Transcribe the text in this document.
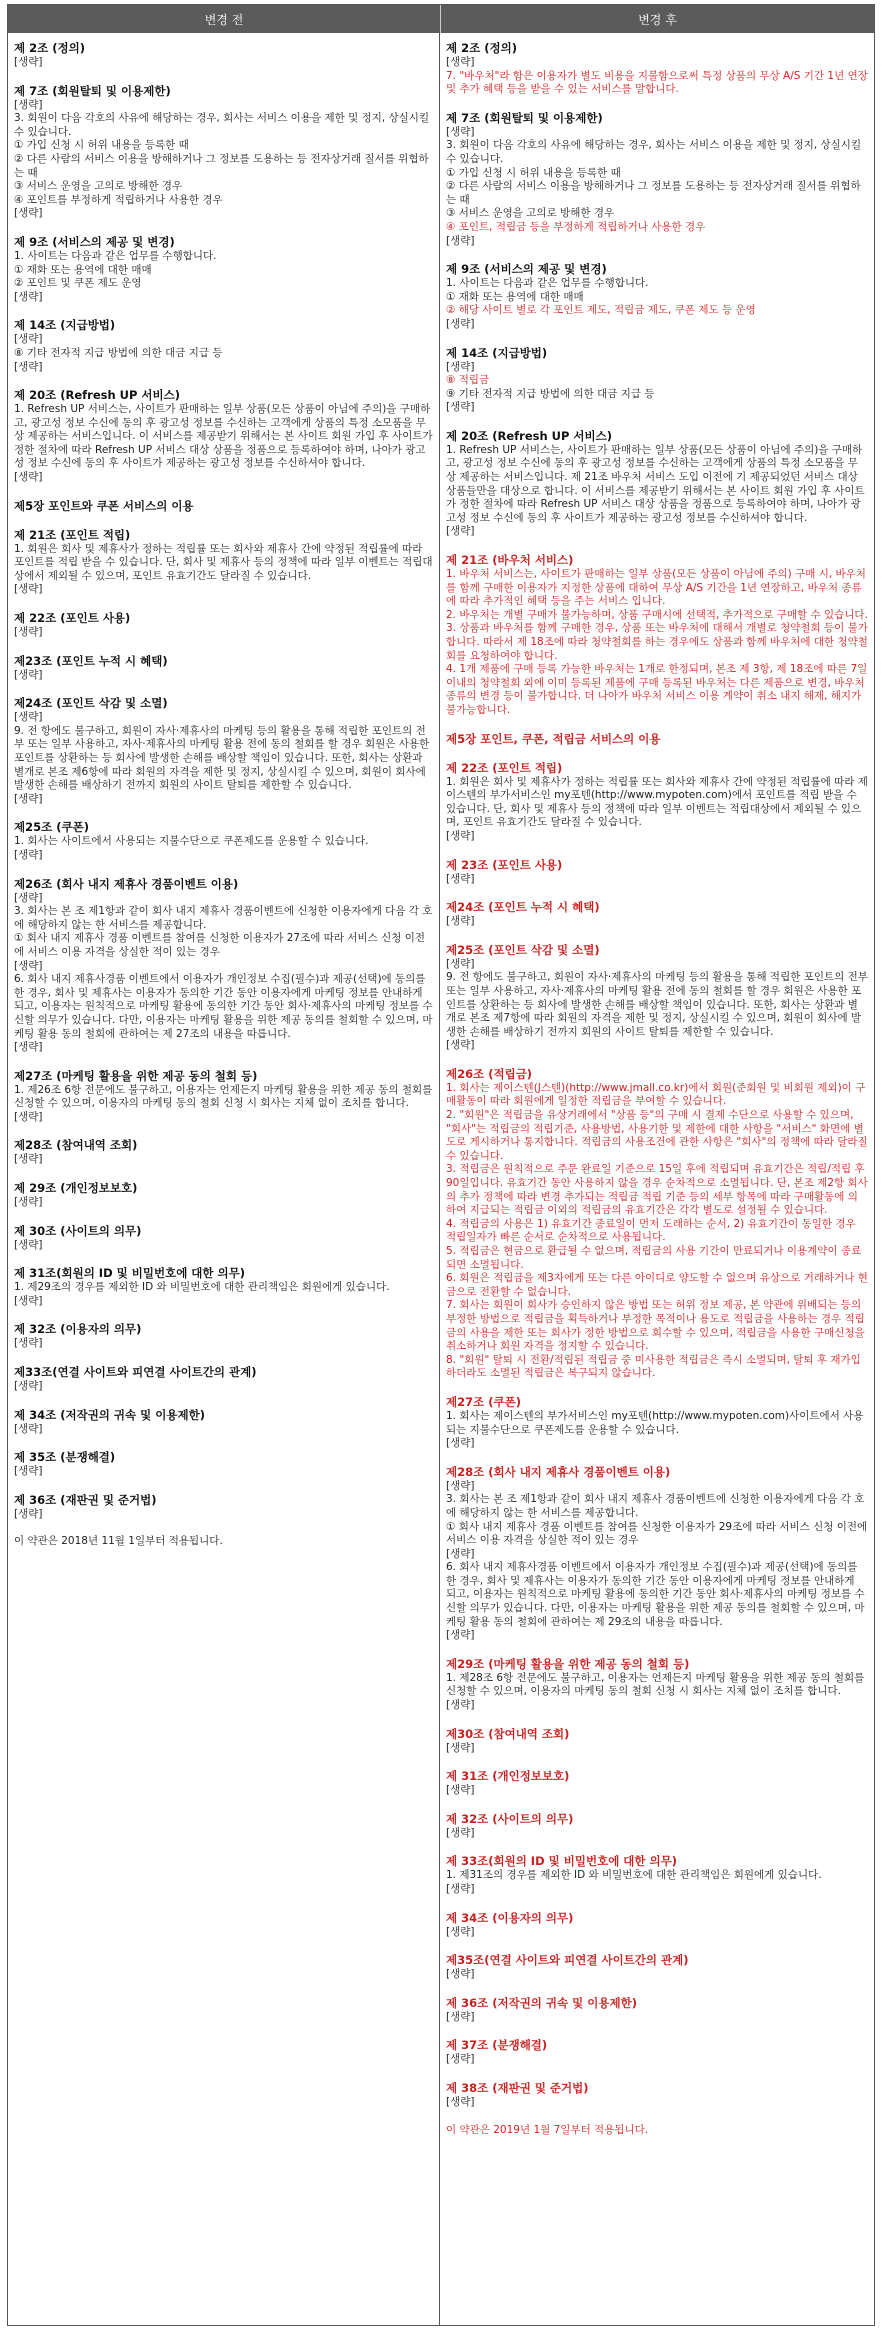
변경 전	변경 후
제 2조 (정의)
[생략]
제 7조 (회원탈퇴 및 이용제한)
[생략]
3. 회원이 다음 각호의 사유에 해당하는 경우, 회사는 서비스 이용을 제한 및 정지, 상실시킬 수 있습니다.
① 가입 신청 시 허위 내용을 등록한 때
② 다른 사람의 서비스 이용을 방해하거나 그 정보를 도용하는 등 전자상거래 질서를 위협하는 때
③ 서비스 운영을 고의로 방해한 경우
④ 포인트를 부정하게 적립하거나 사용한 경우
[생략]
제 9조 (서비스의 제공 및 변경)
1. 사이트는 다음과 같은 업무를 수행합니다.
① 재화 또는 용역에 대한 매매
② 포인트 및 쿠폰 제도 운영
[생략]
제 14조 (지급방법)
[생략]
⑧ 기타 전자적 지급 방법에 의한 대금 지급 등
[생략]
제 20조 (Refresh UP 서비스)
1. Refresh UP 서비스는, 사이트가 판매하는 일부 상품(모든 상품이 아님에 주의)을 구매하고, 광고성 정보 수신에 동의 후 광고성 정보를 수신하는 고객에게 상품의 특정 소모품을 무상 제공하는 서비스입니다. 이 서비스를 제공받기 위해서는 본 사이트 회원 가입 후 사이트가 정한 절차에 따라 Refresh UP 서비스 대상 상품을 정품으로 등록하여야 하며, 나아가 광고성 정보 수신에 동의 후 사이트가 제공하는 광고성 정보를 수신하셔야 합니다.
[생략]
제5장 포인트와 쿠폰 서비스의 이용
제 21조 (포인트 적립)
1. 회원은 회사 및 제휴사가 정하는 적립률 또는 회사와 제휴사 간에 약정된 적립률에 따라 포인트를 적립 받을 수 있습니다. 단, 회사 및 제휴사 등의 정책에 따라 일부 이벤트는 적립대상에서 제외될 수 있으며, 포인트 유효기간도 달라질 수 있습니다.
[생략]
제 22조 (포인트 사용)
[생략]
제23조 (포인트 누적 시 혜택)
[생략]
제24조 (포인트 삭감 및 소멸)
[생략]
9. 전 항에도 불구하고, 회원이 자사·제휴사의 마케팅 등의 활용을 통해 적립한 포인트의 전부 또는 일부 사용하고, 자사·제휴사의 마케팅 활용 전에 동의 철회를 할 경우 회원은 사용한 포인트를 상환하는 등 회사에 발생한 손해를 배상할 책임이 있습니다. 또한, 회사는 상환과 별개로 본조 제6항에 따라 회원의 자격을 제한 및 정지, 상실시킬 수 있으며, 회원이 회사에 발생한 손해를 배상하기 전까지 회원의 사이트 탈퇴를 제한할 수 있습니다.
[생략]
제25조 (쿠폰)
1. 회사는 사이트에서 사용되는 지불수단으로 쿠폰제도를 운용할 수 있습니다.
[생략]
제26조 (회사 내지 제휴사 경품이벤트 이용)
[생략]
3. 회사는 본 조 제1항과 같이 회사 내지 제휴사 경품이벤트에 신청한 이용자에게 다음 각 호에 해당하지 않는 한 서비스를 제공합니다.
① 회사 내지 제휴사 경품 이벤트를 참여를 신청한 이용자가 27조에 따라 서비스 신청 이전에 서비스 이용 자격을 상실한 적이 있는 경우
[생략]
6. 회사 내지 제휴사경품 이벤트에서 이용자가 개인정보 수집(필수)과 제공(선택)에 동의를 한 경우, 회사 및 제휴사는 이용자가 동의한 기간 동안 이용자에게 마케팅 정보를 안내하게 되고, 이용자는 원칙적으로 마케팅 활용에 동의한 기간 동안 회사·제휴사의 마케팅 정보를 수신할 의무가 있습니다. 다만, 이용자는 마케팅 활용을 위한 제공 동의를 철회할 수 있으며, 마케팅 활용 동의 철회에 관하여는 제 27조의 내용을 따릅니다.
[생략]
제27조 (마케팅 활용을 위한 제공 동의 철회 등)
1. 제26조 6항 전문에도 불구하고, 이용자는 언제든지 마케팅 활용을 위한 제공 동의 철회를 신청할 수 있으며, 이용자의 마케팅 동의 철회 신청 시 회사는 지체 없이 조치를 합니다.
[생략]
제28조 (참여내역 조회)
[생략]
제 29조 (개인정보보호)
[생략]
제 30조 (사이트의 의무)
[생략]
제 31조(회원의 ID 및 비밀번호에 대한 의무)
1. 제29조의 경우를 제외한 ID 와 비밀번호에 대한 관리책임은 회원에게 있습니다.
[생략]
제 32조 (이용자의 의무)
[생략]
제33조(연결 사이트와 피연결 사이트간의 관계)
[생략]
제 34조 (저작권의 귀속 및 이용제한)
[생략]
제 35조 (분쟁해결)
[생략]
제 36조 (재판권 및 준거법)
[생략]
이 약관은 2018년 11월 1일부터 적용됩니다.
제 2조 (정의)
[생략]
7. "바우처"라 함은 이용자가 별도 비용을 지불함으로써 특정 상품의 무상 A/S 기간 1년 연장 및 추가 혜택 등을 받을 수 있는 서비스를 말합니다.
제 7조 (회원탈퇴 및 이용제한)
[생략]
3. 회원이 다음 각호의 사유에 해당하는 경우, 회사는 서비스 이용을 제한 및 정지, 상실시킬 수 있습니다.
① 가입 신청 시 허위 내용을 등록한 때
② 다른 사람의 서비스 이용을 방해하거나 그 정보를 도용하는 등 전자상거래 질서를 위협하는 때
③ 서비스 운영을 고의로 방해한 경우
④ 포인트, 적립금 등을 부정하게 적립하거나 사용한 경우
[생략]
제 9조 (서비스의 제공 및 변경)
1. 사이트는 다음과 같은 업무를 수행합니다.
① 재화 또는 용역에 대한 매매
② 해당 사이트 별로 각 포인트 제도, 적립금 제도, 쿠폰 제도 등 운영
[생략]
제 14조 (지급방법)
[생략]
⑧ 적립금
⑨ 기타 전자적 지급 방법에 의한 대금 지급 등
[생략]
제 20조 (Refresh UP 서비스)
1. Refresh UP 서비스는, 사이트가 판매하는 일부 상품(모든 상품이 아님에 주의)을 구매하고, 광고성 정보 수신에 동의 후 광고성 정보를 수신하는 고객에게 상품의 특정 소모품을 무상 제공하는 서비스입니다. 제 21조 바우처 서비스 도입 이전에 기 제공되었던 서비스 대상 상품들만을 대상으로 합니다. 이 서비스를 제공받기 위해서는 본 사이트 회원 가입 후 사이트가 정한 절차에 따라 Refresh UP 서비스 대상 상품을 정품으로 등록하여야 하며, 나아가 광고성 정보 수신에 동의 후 사이트가 제공하는 광고성 정보를 수신하셔야 합니다.
[생략]
제 21조 (바우처 서비스)
1. 바우처 서비스는, 사이트가 판매하는 일부 상품(모든 상품이 아님에 주의) 구매 시, 바우처를 함께 구매한 이용자가 지정한 상품에 대하여 무상 A/S 기간을 1년 연장하고, 바우처 종류에 따라 추가적인 혜택 등을 주는 서비스 입니다.
2. 바우처는 개별 구매가 불가능하며, 상품 구매시에 선택적, 추가적으로 구매할 수 있습니다.
3. 상품과 바우처를 함께 구매한 경우, 상품 또는 바우처에 대해서 개별로 청약철회 등이 불가합니다. 따라서 제 18조에 따라 청약철회를 하는 경우에도 상품과 함께 바우처에 대한 청약철회를 요청하여야 합니다.
4. 1개 제품에 구매 등록 가능한 바우처는 1개로 한정되며, 본조 제 3항, 제 18조에 따른 7일 이내의 청약철회 외에 이미 등록된 제품에 구매 등록된 바우처는 다른 제품으로 변경, 바우처 종류의 변경 등이 불가합니다. 더 나아가 바우처 서비스 이용 계약이 취소 내지 해제, 해지가 불가능합니다.
제5장 포인트, 쿠폰, 적립금 서비스의 이용
제 22조 (포인트 적립)
1. 회원은 회사 및 제휴사가 정하는 적립률 또는 회사와 제휴사 간에 약정된 적립률에 따라 제이스텐의 부가서비스인 my포텐(http://www.mypoten.com)에서 포인트를 적립 받을 수 있습니다. 단, 회사 및 제휴사 등의 정책에 따라 일부 이벤트는 적립대상에서 제외될 수 있으며, 포인트 유효기간도 달라질 수 있습니다.
[생략]
제 23조 (포인트 사용)
[생략]
제24조 (포인트 누적 시 혜택)
[생략]
제25조 (포인트 삭감 및 소멸)
[생략]
9. 전 항에도 불구하고, 회원이 자사·제휴사의 마케팅 등의 활용을 통해 적립한 포인트의 전부 또는 일부 사용하고, 자사·제휴사의 마케팅 활용 전에 동의 철회를 할 경우 회원은 사용한 포인트를 상환하는 등 회사에 발생한 손해를 배상할 책임이 있습니다. 또한, 회사는 상환과 별개로 본조 제7항에 따라 회원의 자격을 제한 및 정지, 상실시킬 수 있으며, 회원이 회사에 발생한 손해를 배상하기 전까지 회원의 사이트 탈퇴를 제한할 수 있습니다.
[생략]
제26조 (적립금)
1. 회사는 제이스텐(J스텐)(http://www.jmall.co.kr)에서 회원(준회원 및 비회원 제외)이 구매활동이 따라 회원에게 일정한 적립금을 부여할 수 있습니다.
2. "회원"은 적립금을 유상거래에서 "상품 등"의 구매 시 결제 수단으로 사용할 수 있으며, "회사"는 적립금의 적립기준, 사용방법, 사용기한 및 제한에 대한 사항을 "서비스" 화면에 별도로 게시하거나 통지합니다. 적립금의 사용조건에 관한 사항은 "회사"의 정책에 따라 달라질 수 있습니다.
3. 적립금은 원칙적으로 주문 완료일 기준으로 15일 후에 적립되며 유효기간은 적립/적립 후 90일입니다. 유효기간 동안 사용하지 않을 경우 순차적으로 소멸됩니다. 단, 본조 제2항 회사의 추가 정책에 따라 변경 추가되는 적립금 적립 기준 등의 세부 항목에 따라 구매활동에 의하여 지급되는 적립금 이외의 적립금의 유효기간은 각각 별도로 설정될 수 있습니다.
4. 적립금의 사용은 1) 유효기간 종료일이 먼저 도래하는 순서, 2) 유효기간이 동일한 경우 적립일자가 빠른 순서로 순차적으로 사용됩니다.
5. 적립금은 현금으로 환급될 수 없으며, 적립금의 사용 기간이 만료되거나 이용계약이 종료되면 소멸됩니다.
6. 회원은 적립금을 제3자에게 또는 다른 아이디로 양도할 수 없으며 유상으로 거래하거나 현금으로 전환할 수 없습니다.
7. 회사는 회원이 회사가 승인하지 않은 방법 또는 허위 정보 제공, 본 약관에 위배되는 등의 부정한 방법으로 적립금을 획득하거나 부정한 목적이나 용도로 적립금을 사용하는 경우 적립금의 사용을 제한 또는 회사가 정한 방법으로 회수할 수 있으며, 적립금을 사용한 구매신청을 취소하거나 회원 자격을 정지할 수 있습니다.
8. "회원" 탈퇴 시 전환/적립된 적립금 중 미사용한 적립금은 즉시 소멸되며, 탈퇴 후 재가입하더라도 소멸된 적립금은 복구되지 않습니다.
제27조 (쿠폰)
1. 회사는 제이스텐의 부가서비스인 my포텐(http://www.mypoten.com)사이트에서 사용되는 지불수단으로 쿠폰제도를 운용할 수 있습니다.
[생략]
제28조 (회사 내지 제휴사 경품이벤트 이용)
[생략]
3. 회사는 본 조 제1항과 같이 회사 내지 제휴사 경품이벤트에 신청한 이용자에게 다음 각 호에 해당하지 않는 한 서비스를 제공합니다.
① 회사 내지 제휴사 경품 이벤트를 참여를 신청한 이용자가 29조에 따라 서비스 신청 이전에 서비스 이용 자격을 상실한 적이 있는 경우
[생략]
6. 회사 내지 제휴사경품 이벤트에서 이용자가 개인정보 수집(필수)과 제공(선택)에 동의를 한 경우, 회사 및 제휴사는 이용자가 동의한 기간 동안 이용자에게 마케팅 정보를 안내하게 되고, 이용자는 원칙적으로 마케팅 활용에 동의한 기간 동안 회사·제휴사의 마케팅 정보를 수신할 의무가 있습니다. 다만, 이용자는 마케팅 활용을 위한 제공 동의를 철회할 수 있으며, 마케팅 활용 동의 철회에 관하여는 제 29조의 내용을 따릅니다.
[생략]
제29조 (마케팅 활용을 위한 제공 동의 철회 등)
1. 제28조 6항 전문에도 불구하고, 이용자는 언제든지 마케팅 활용을 위한 제공 동의 철회를 신청할 수 있으며, 이용자의 마케팅 동의 철회 신청 시 회사는 지체 없이 조치를 합니다.
[생략]
제30조 (참여내역 조회)
[생략]
제 31조 (개인정보보호)
[생략]
제 32조 (사이트의 의무)
[생략]
제 33조(회원의 ID 및 비밀번호에 대한 의무)
1. 제31조의 경우를 제외한 ID 와 비밀번호에 대한 관리책임은 회원에게 있습니다.
[생략]
제 34조 (이용자의 의무)
[생략]
제35조(연결 사이트와 피연결 사이트간의 관계)
[생략]
제 36조 (저작권의 귀속 및 이용제한)
[생략]
제 37조 (분쟁해결)
[생략]
제 38조 (재판권 및 준거법)
[생략]
이 약관은 2019년 1월 7일부터 적용됩니다.
